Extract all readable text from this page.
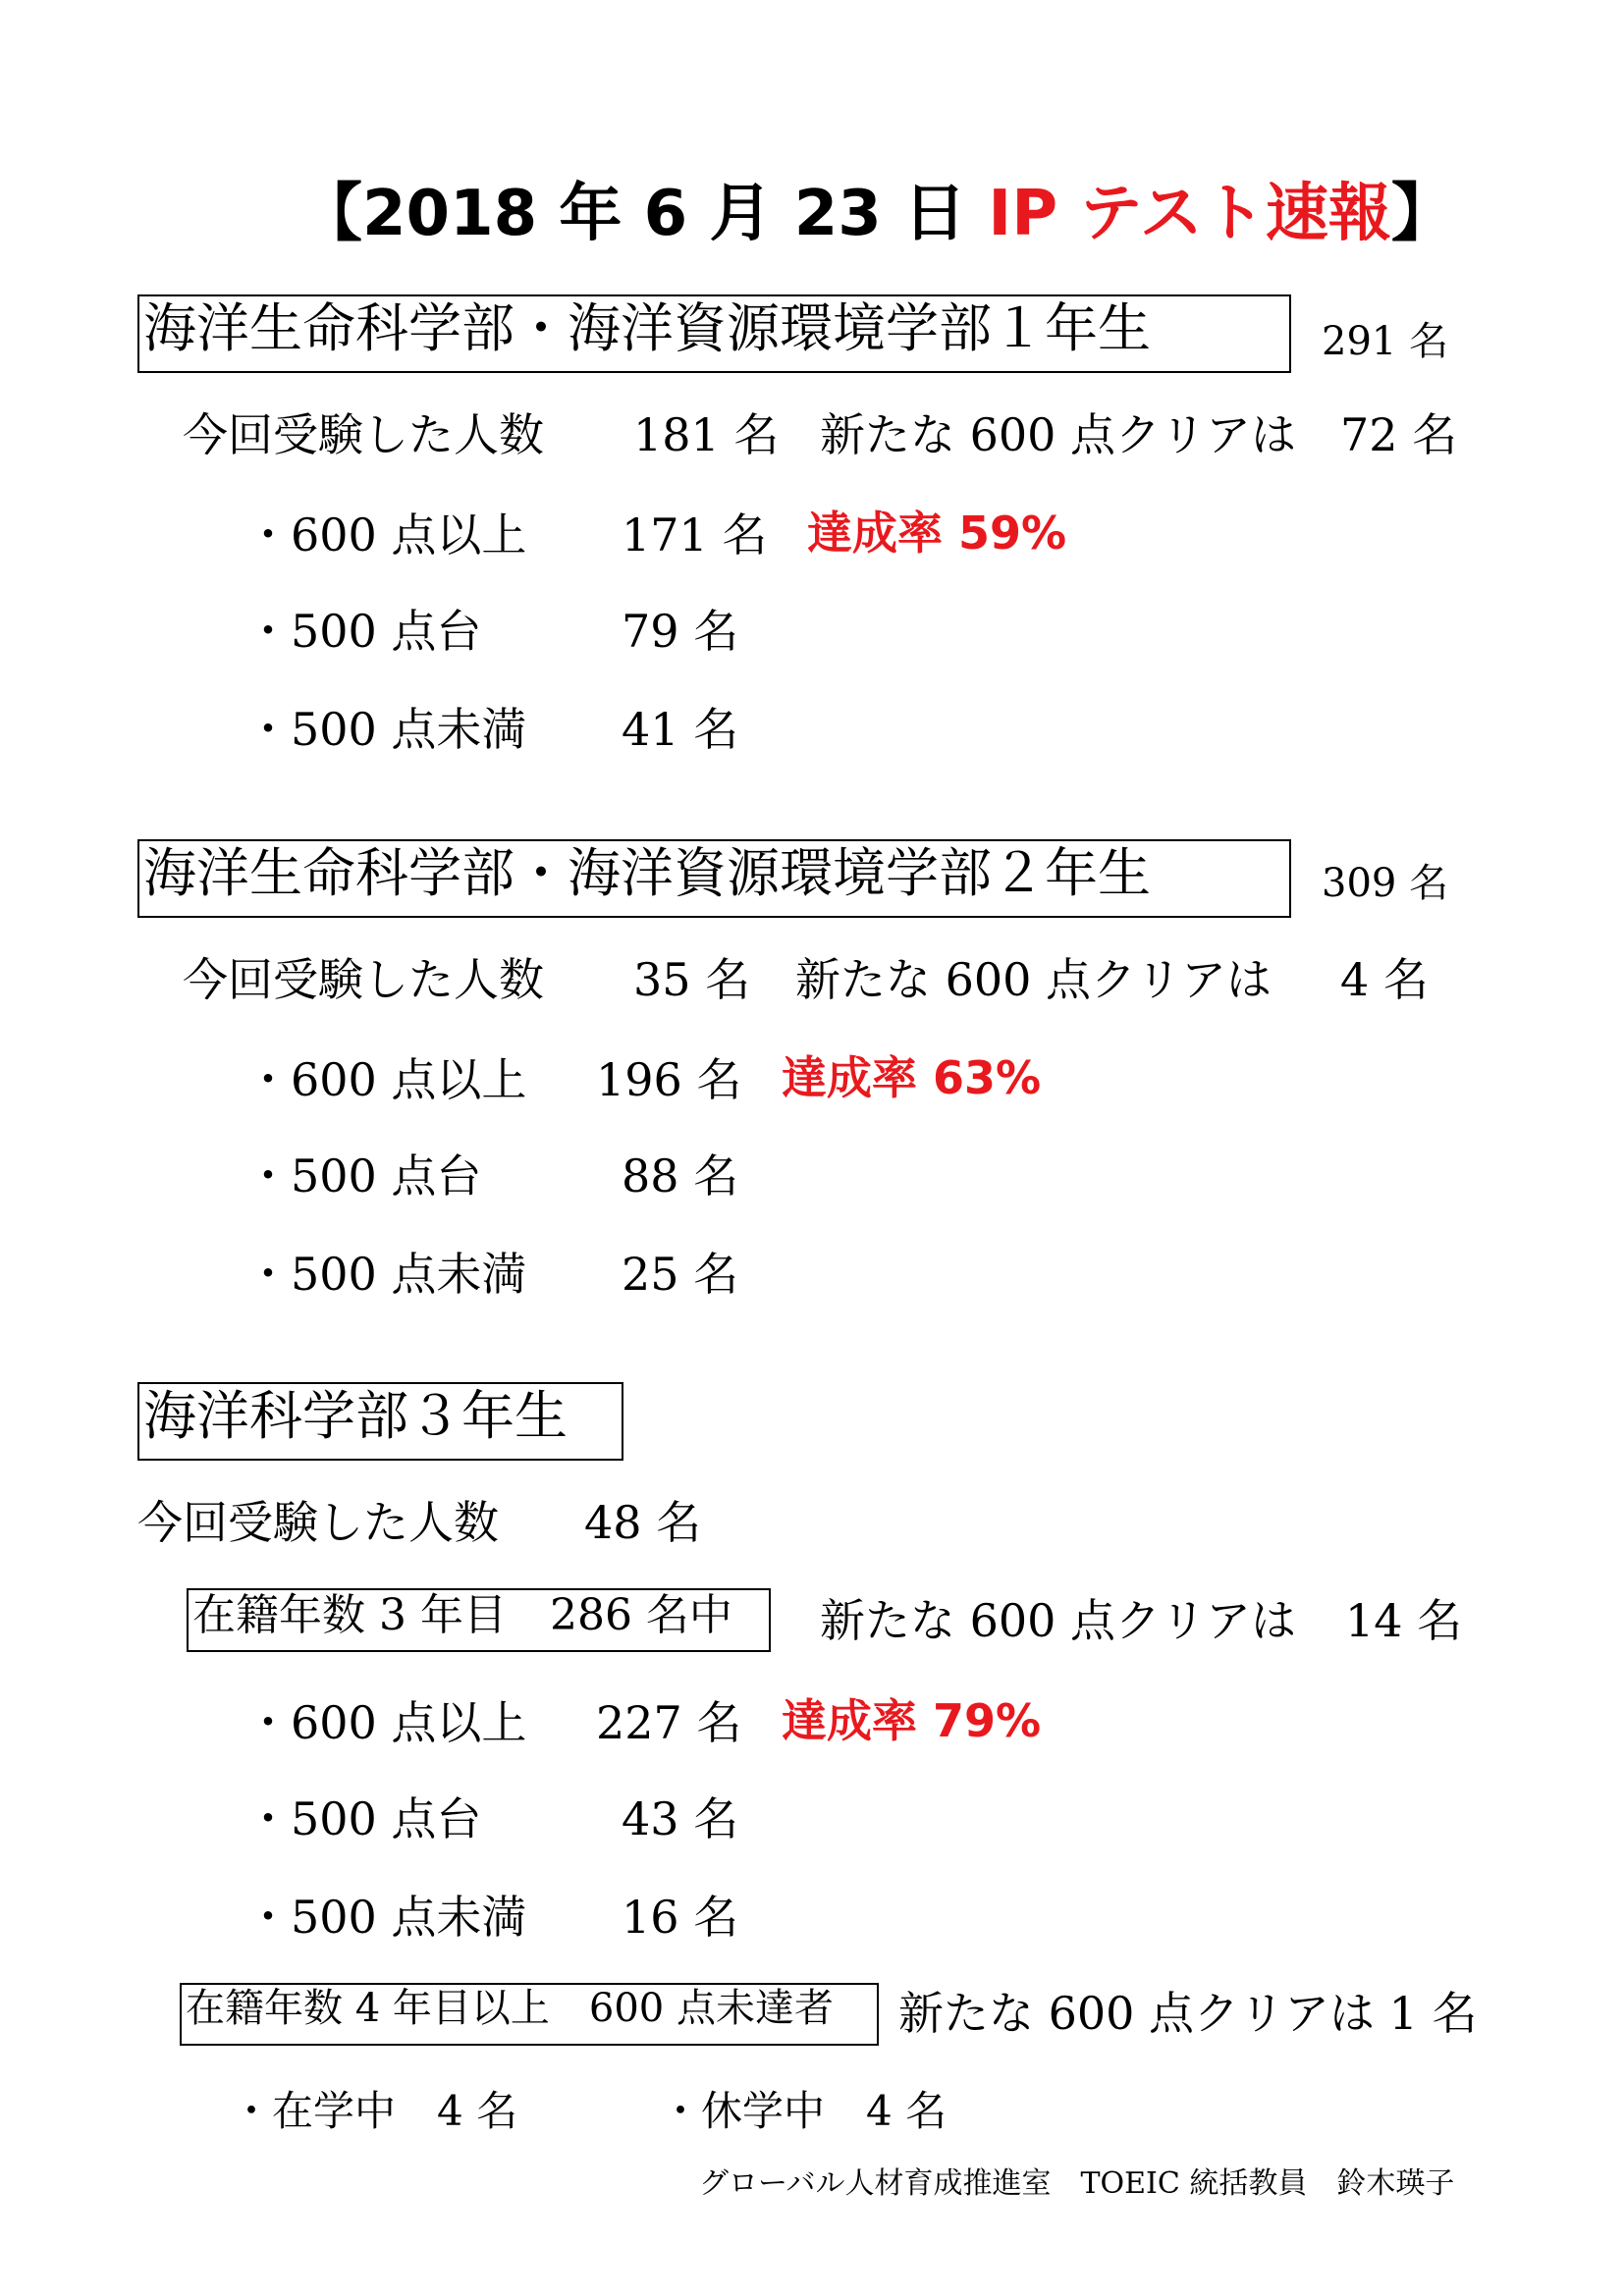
【2018 年 6 月 23 日 IP テスト速報】
海洋生命科学部・海洋資源環境学部１年生	291 名
今回受験した人数 181 名 新たな 600 点クリアは 72 名
・600 点以上 171 名 達成率 59%
・500 点台	79 名
・500 点未満 41 名
海洋生命科学部・海洋資源環境学部２年生	309 名
今回受験した人数 35 名 新たな 600 点クリアは 4 名
・600 点以上 196 名 達成率 63%
・500 点台	88 名
・500 点未満 25 名
海洋科学部３年生
今回受験した人数 48 名
在籍年数 3 年目　286 名中	新たな 600 点クリアは 14 名
・600 点以上 227 名 達成率 79%
・500 点台	43 名
・500 点未満 16 名
在籍年数 4 年目以上　600 点未達者	新たな 600 点クリアは 1 名
・在学中　4 名	・休学中　4 名
グローバル人材育成推進室　TOEIC 統括教員　鈴木瑛子
